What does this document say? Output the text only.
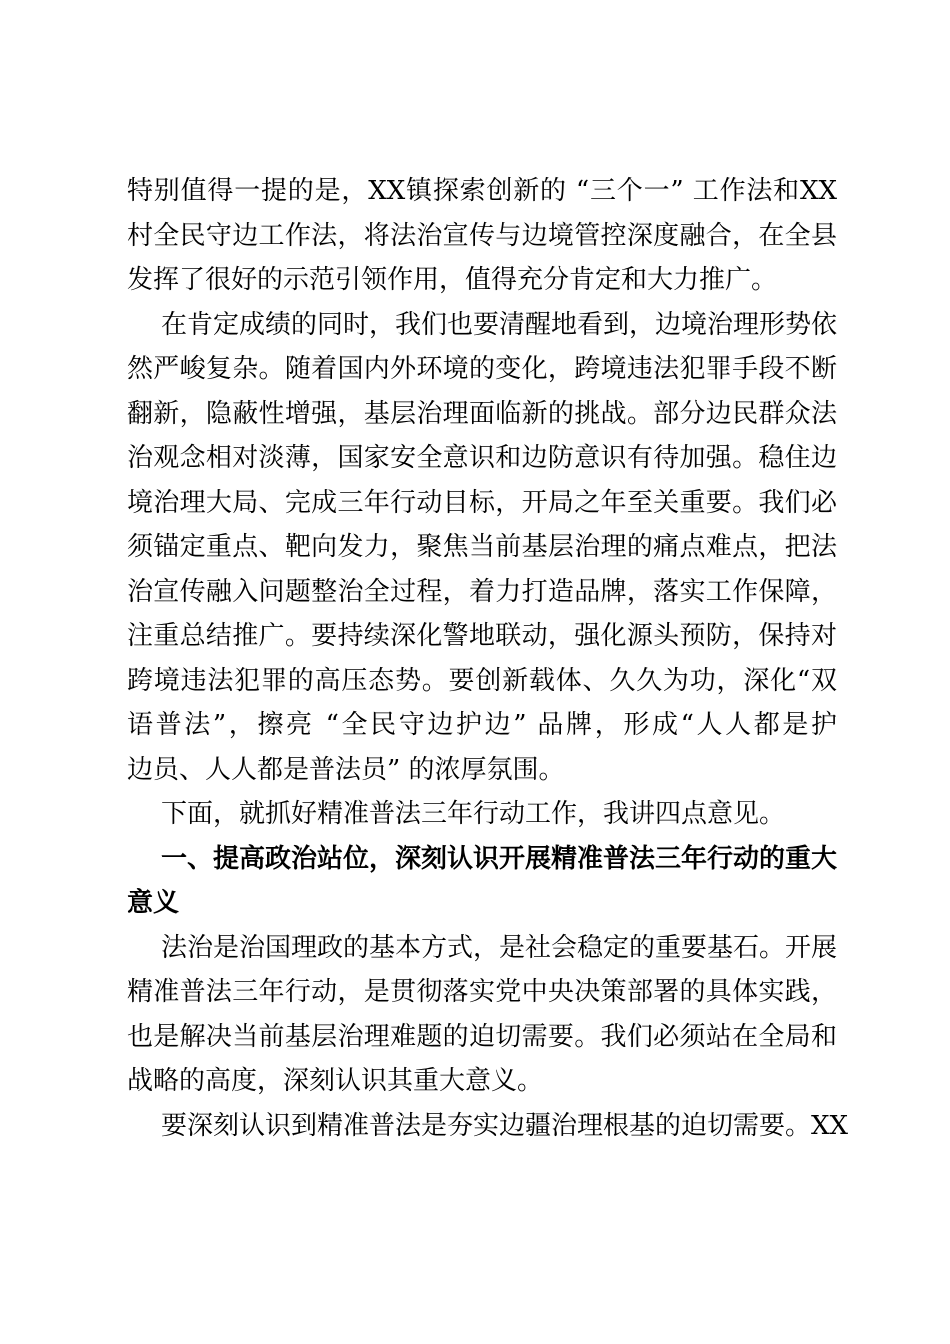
特别值得一提的是，XX镇探索创新的 “三个一” 工作法和XX
村全民守边工作法，将法治宣传与边境管控深度融合，在全县
发挥了很好的示范引领作用，值得充分肯定和大力推广。
在肯定成绩的同时，我们也要清醒地看到，边境治理形势依
然严峻复杂。随着国内外环境的变化，跨境违法犯罪手段不断
翻新，隐蔽性增强，基层治理面临新的挑战。部分边民群众法
治观念相对淡薄，国家安全意识和边防意识有待加强。稳住边
境治理大局、完成三年行动目标，开局之年至关重要。我们必
须锚定重点、靶向发力，聚焦当前基层治理的痛点难点，把法
治宣传融入问题整治全过程，着力打造品牌，落实工作保障，
注重总结推广。要持续深化警地联动，强化源头预防，保持对
跨境违法犯罪的高压态势。要创新载体、久久为功，深化“双
语普法”，擦亮 “全民守边护边” 品牌，形成“人人都是护
边员、人人都是普法员” 的浓厚氛围。
下面，就抓好精准普法三年行动工作，我讲四点意见。
一、提高政治站位，深刻认识开展精准普法三年行动的重大
意义
法治是治国理政的基本方式，是社会稳定的重要基石。开展
精准普法三年行动，是贯彻落实党中央决策部署的具体实践，
也是解决当前基层治理难题的迫切需要。我们必须站在全局和
战略的高度，深刻认识其重大意义。
要深刻认识到精准普法是夯实边疆治理根基的迫切需要。XX
